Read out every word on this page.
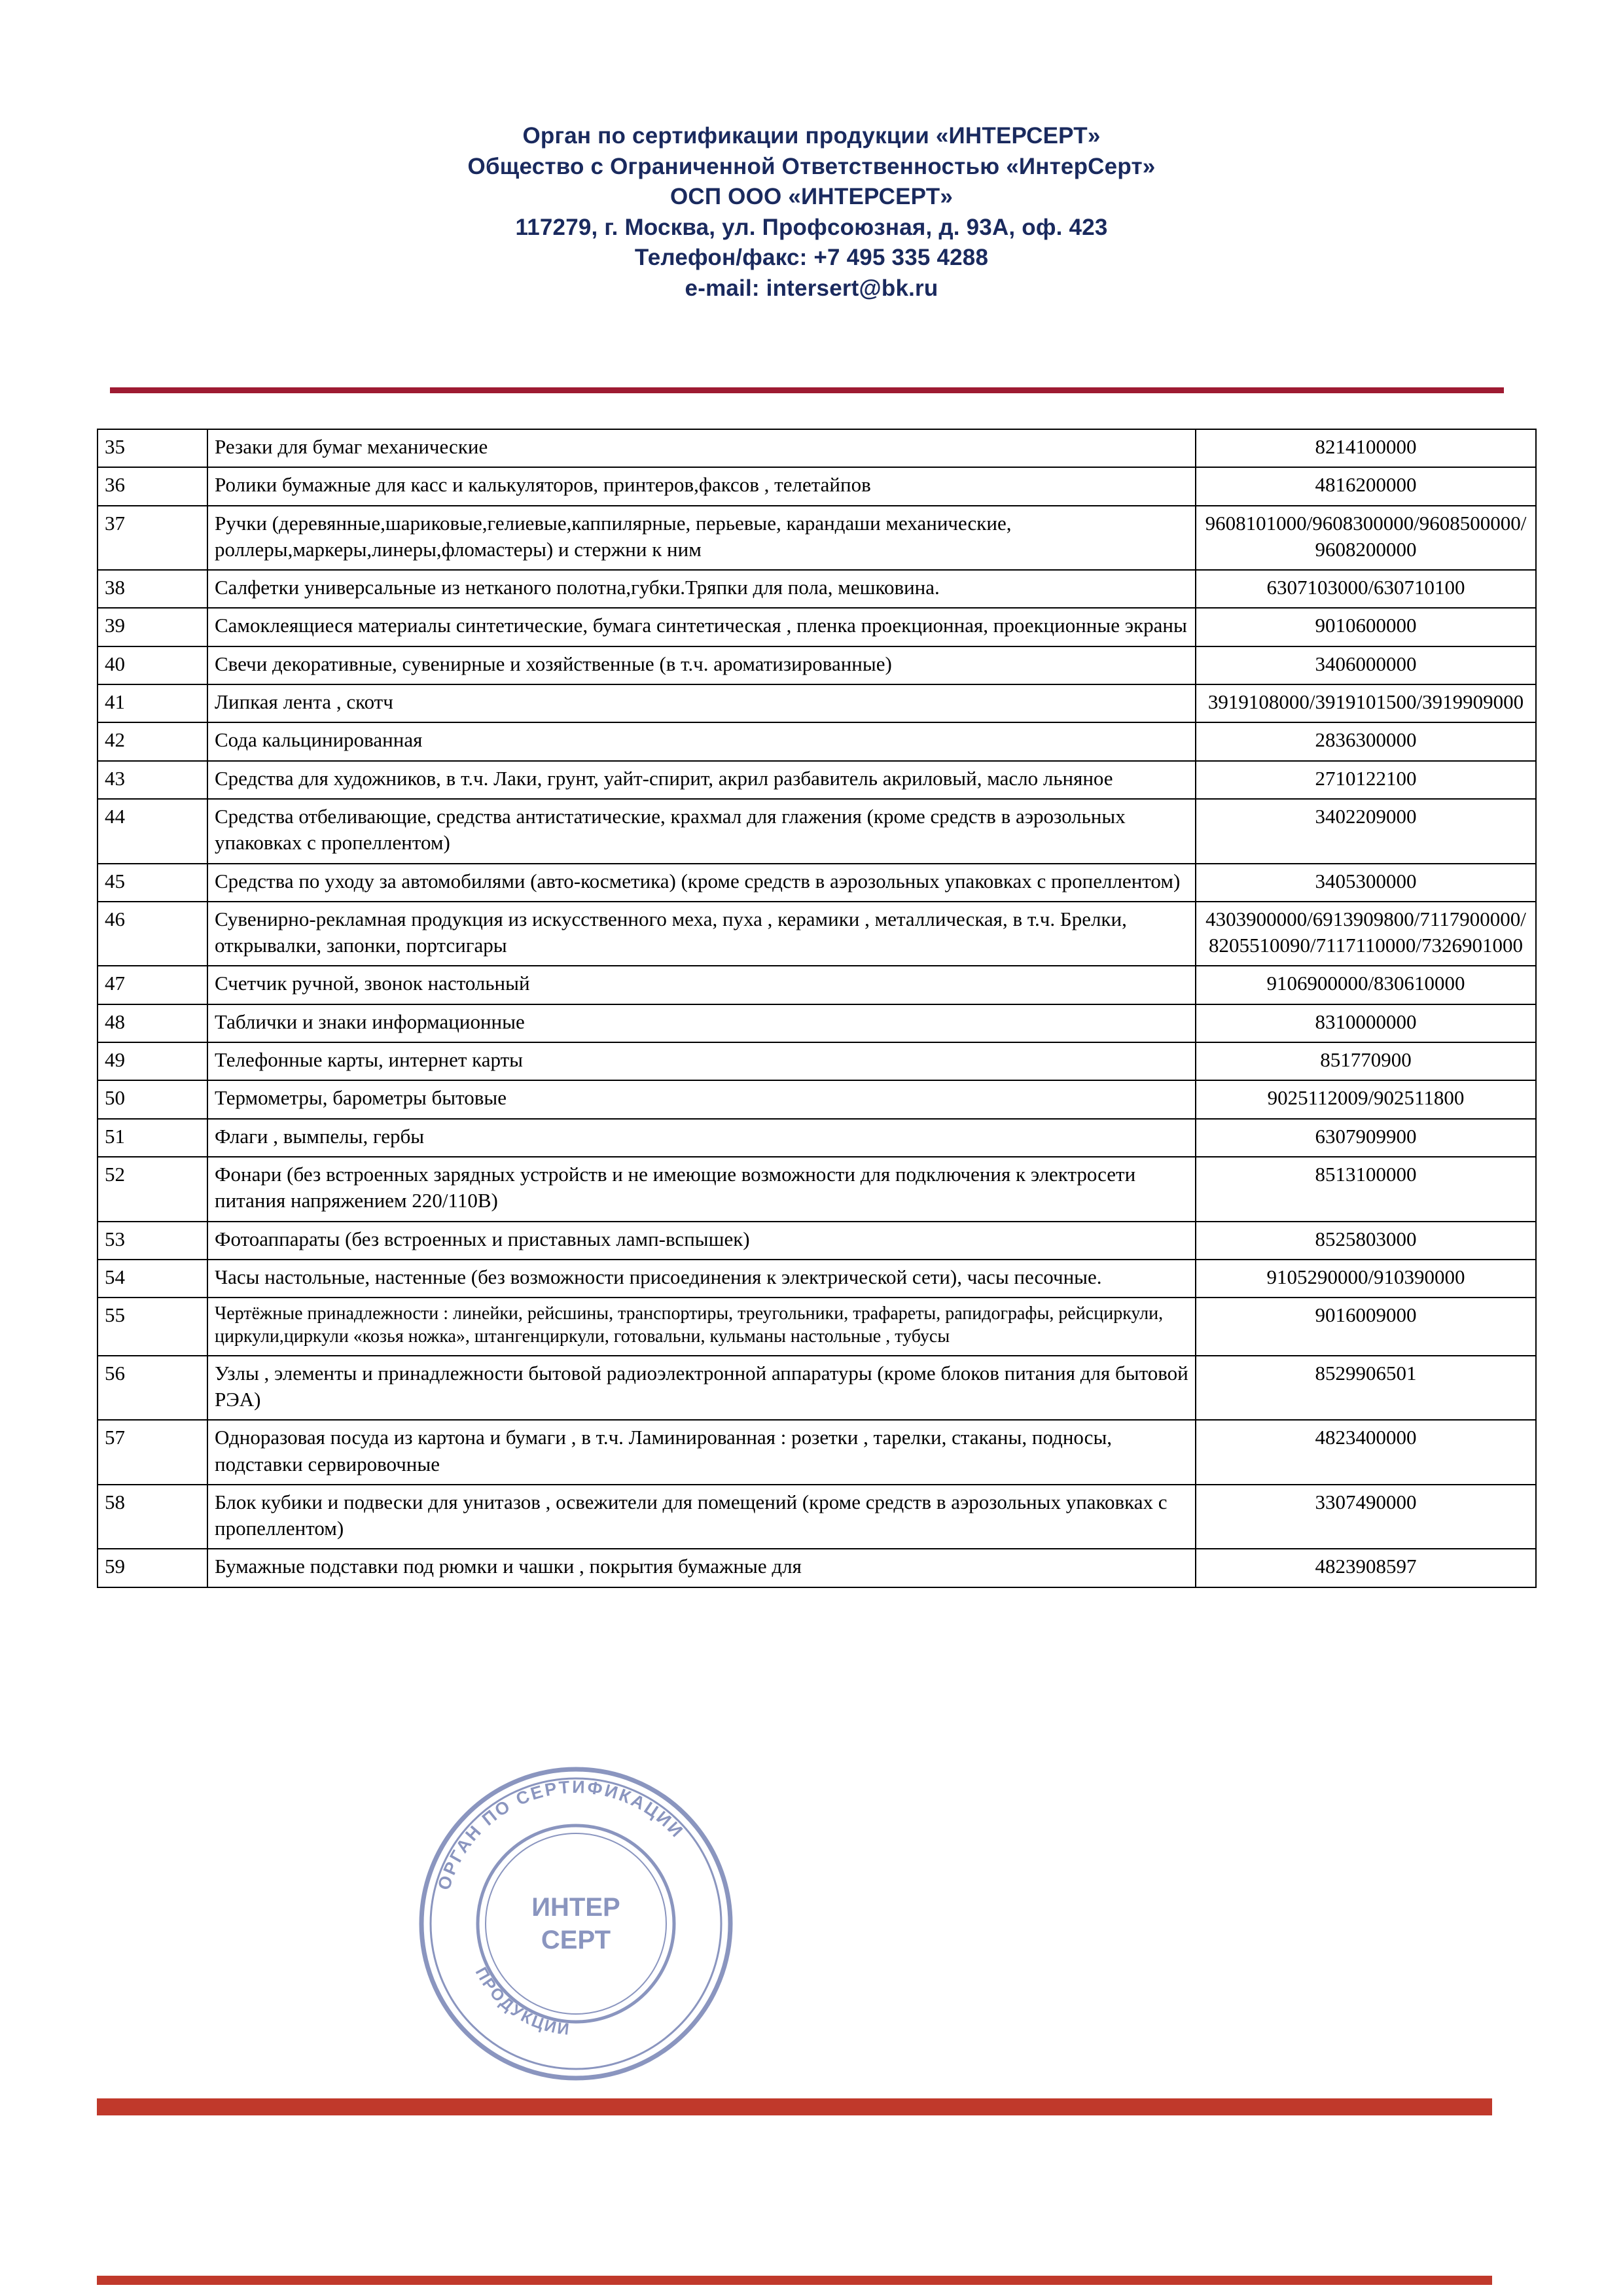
Орган по сертификации продукции «ИНТЕРСЕРТ»
Общество с Ограниченной Ответственностью «ИнтерСерт»
ОСП ООО «ИНТЕРСЕРТ»
117279, г. Москва, ул. Профсоюзная, д. 93А, оф. 423
Телефон/факс: +7 495 335 4288
e-mail: intersert@bk.ru
35	Резаки для бумаг механические	8214100000
36	Ролики бумажные для касс и калькуляторов, принтеров,факсов , телетайпов	4816200000
37	Ручки (деревянные,шариковые,гелиевые,каппилярные, перьевые, карандаши механические, роллеры,маркеры,линеры,фломастеры) и стержни к ним	9608101000/9608300000/9608500000/9608200000
38	Салфетки универсальные из нетканого полотна,губки.Тряпки для пола, мешковина.	6307103000/630710100
39	Самоклеящиеся материалы синтетические, бумага синтетическая , пленка проекционная, проекционные экраны	9010600000
40	Свечи декоративные, сувенирные и хозяйственные (в т.ч. ароматизированные)	3406000000
41	Липкая лента , скотч	3919108000/3919101500/3919909000
42	Сода кальцинированная	2836300000
43	Средства для художников, в т.ч. Лаки, грунт, уайт-спирит, акрил разбавитель акриловый, масло льняное	2710122100
44	Средства отбеливающие, средства антистатические, крахмал для глажения (кроме средств в аэрозольных упаковках с пропеллентом)	3402209000
45	Средства по уходу за автомобилями (авто-косметика) (кроме средств в аэрозольных упаковках с пропеллентом)	3405300000
46	Сувенирно-рекламная продукция из искусственного меха, пуха , керамики , металлическая, в т.ч. Брелки, открывалки, запонки, портсигары	4303900000/6913909800/7117900000/8205510090/7117110000/7326901000
47	Счетчик ручной, звонок настольный	9106900000/830610000
48	Таблички и знаки информационные	8310000000
49	Телефонные карты, интернет карты	851770900
50	Термометры, барометры бытовые	9025112009/902511800
51	Флаги , вымпелы, гербы	6307909900
52	Фонари (без встроенных зарядных устройств и не имеющие возможности для подключения к электросети питания напряжением 220/110В)	8513100000
53	Фотоаппараты (без встроенных и приставных ламп-вспышек)	8525803000
54	Часы настольные, настенные (без возможности присоединения к электрической сети), часы песочные.	9105290000/910390000
55	Чертёжные принадлежности : линейки, рейсшины, транспортиры, треугольники, трафареты, рапидографы, рейсциркули, циркули,циркули «козья ножка», штангенциркули, готовальни, кульманы настольные , тубусы	9016009000
56	Узлы , элементы и принадлежности бытовой радиоэлектронной аппаратуры (кроме блоков питания для бытовой РЭА)	8529906501
57	Одноразовая посуда из картона и бумаги , в т.ч. Ламинированная : розетки , тарелки, стаканы, подносы, подставки сервировочные	4823400000
58	Блок кубики и подвески для унитазов , освежители для помещений (кроме средств в аэрозольных упаковках с пропеллентом)	3307490000
59	Бумажные подставки под рюмки и чашки , покрытия бумажные для	4823908597
ОРГАН ПО СЕРТИФИКАЦИИ
ПРОДУКЦИИ
ИНТЕР
СЕРТ
